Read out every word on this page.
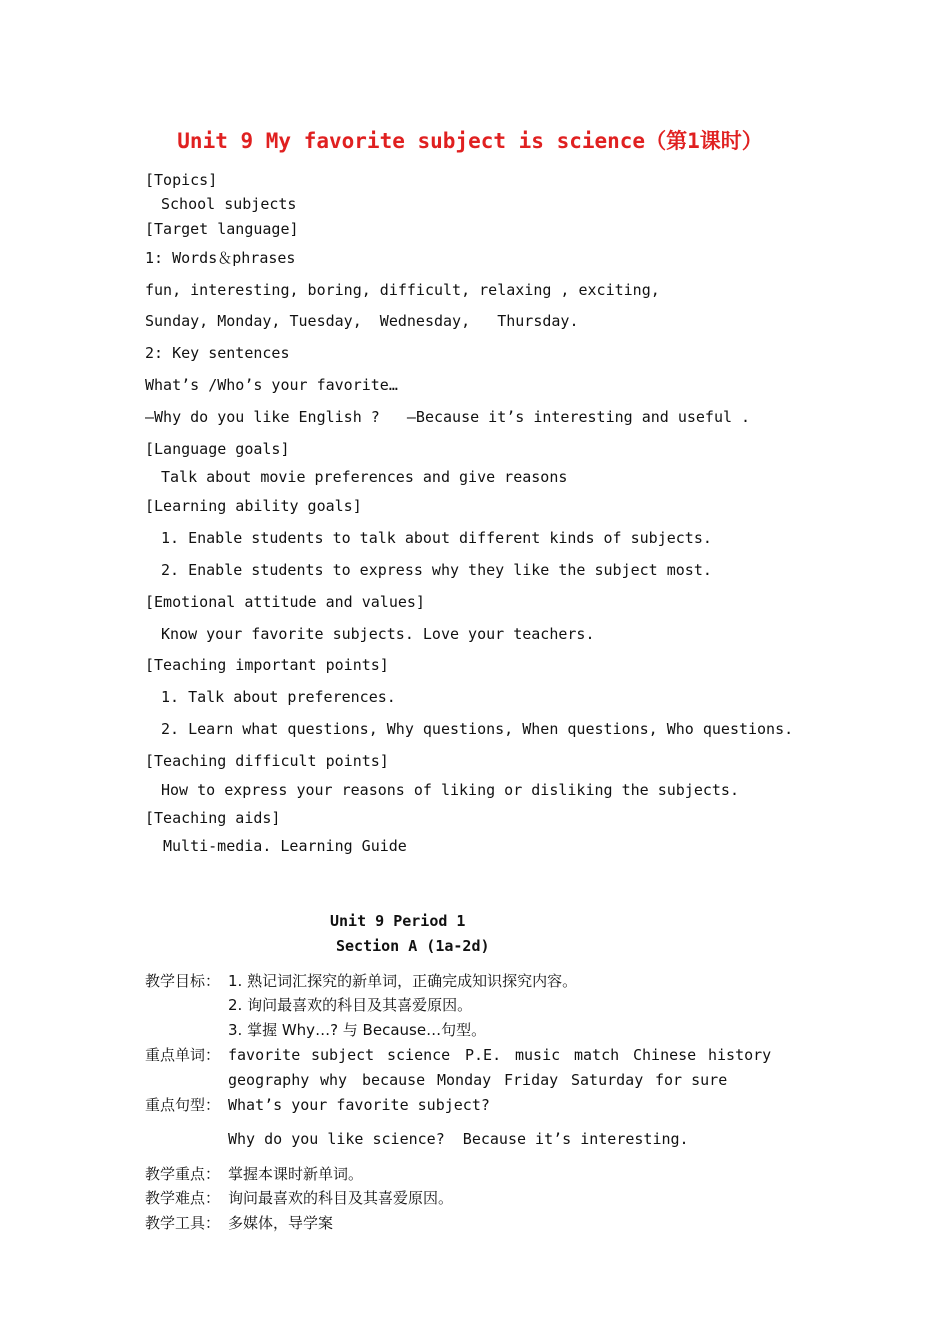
Unit 9 My favorite subject is science（第1课时）
[Topics]
School subjects
[Target language]
1: Words＆phrases
fun, interesting, boring, difficult, relaxing , exciting,
Sunday, Monday, Tuesday,  Wednesday,   Thursday.
2: Key sentences
What’s /Who’s your favorite…
—Why do you like English ?   —Because it’s interesting and useful .
[Language goals]
Talk about movie preferences and give reasons
[Learning ability goals]
1. Enable students to talk about different kinds of subjects.
2. Enable students to express why they like the subject most.
[Emotional attitude and values]
Know your favorite subjects. Love your teachers.
[Teaching important points]
1. Talk about preferences.
2. Learn what questions, Why questions, When questions, Who questions.
[Teaching difficult points]
How to express your reasons of liking or disliking the subjects.
[Teaching aids]
Multi-media. Learning Guide
Unit 9 Period 1
Section A (1a-2d)
教学目标： 1. 熟记词汇探究的新单词，正确完成知识探究内容。
2. 询问最喜欢的科目及其喜爱原因。
3. 掌握 Why…? 与 Because…句型。
重点单词： favorite subject science P.E. music match Chinese history
geography why because Monday Friday Saturday for sure
重点句型： What’s your favorite subject?
Why do you like science?  Because it’s interesting.
教学重点： 掌握本课时新单词。
教学难点： 询问最喜欢的科目及其喜爱原因。
教学工具： 多媒体，导学案
